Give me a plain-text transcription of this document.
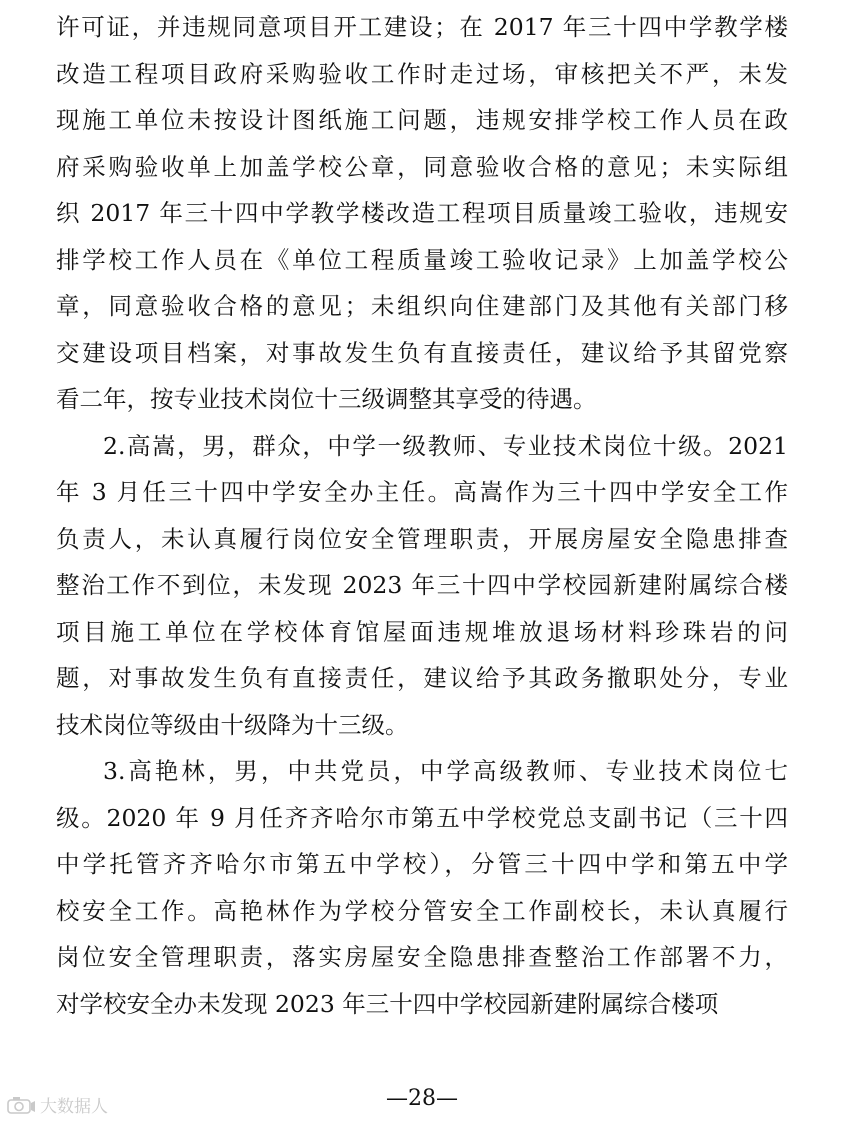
许可证，并违规同意项目开工建设；在 2017 年三十四中学教学楼
改造工程项目政府采购验收工作时走过场，审核把关不严，未发
现施工单位未按设计图纸施工问题，违规安排学校工作人员在政
府采购验收单上加盖学校公章，同意验收合格的意见；未实际组
织 2017 年三十四中学教学楼改造工程项目质量竣工验收，违规安
排学校工作人员在《单位工程质量竣工验收记录》上加盖学校公
章，同意验收合格的意见；未组织向住建部门及其他有关部门移
交建设项目档案，对事故发生负有直接责任，建议给予其留党察
看二年，按专业技术岗位十三级调整其享受的待遇。
2.高嵩，男，群众，中学一级教师、专业技术岗位十级。2021
年 3 月任三十四中学安全办主任。高嵩作为三十四中学安全工作
负责人，未认真履行岗位安全管理职责，开展房屋安全隐患排查
整治工作不到位，未发现 2023 年三十四中学校园新建附属综合楼
项目施工单位在学校体育馆屋面违规堆放退场材料珍珠岩的问
题，对事故发生负有直接责任，建议给予其政务撤职处分，专业
技术岗位等级由十级降为十三级。
3.高艳林，男，中共党员，中学高级教师、专业技术岗位七
级。2020 年 9 月任齐齐哈尔市第五中学校党总支副书记（三十四
中学托管齐齐哈尔市第五中学校），分管三十四中学和第五中学
校安全工作。高艳林作为学校分管安全工作副校长，未认真履行
岗位安全管理职责，落实房屋安全隐患排查整治工作部署不力，
对学校安全办未发现 2023 年三十四中学校园新建附属综合楼项
—28—
大数据人
